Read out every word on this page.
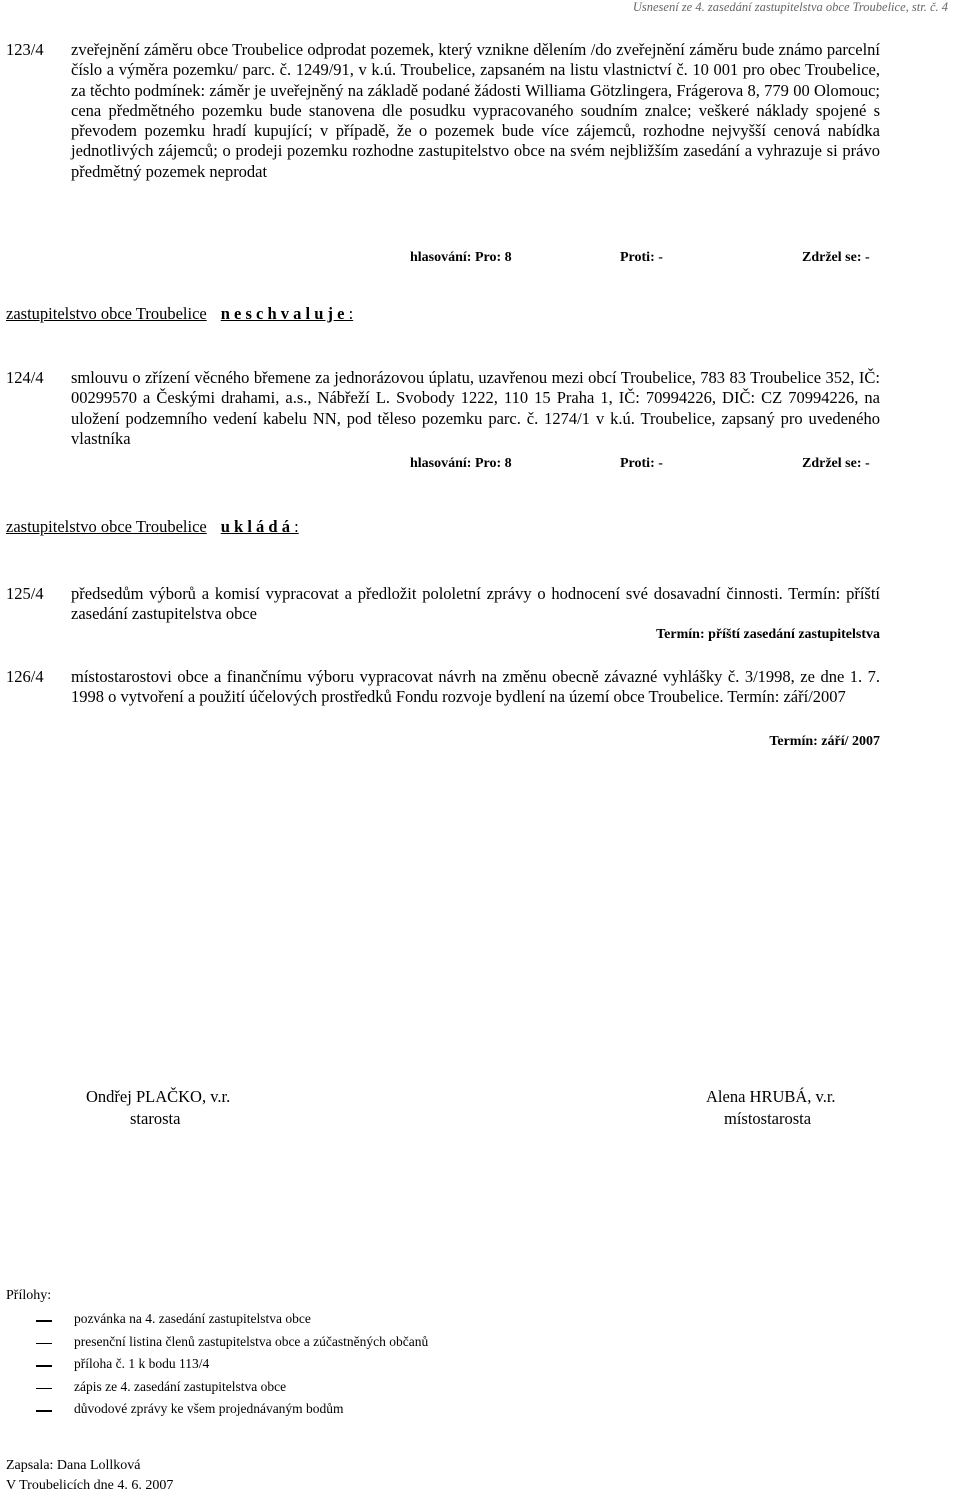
Usnesení ze 4. zasedání zastupitelstva obce Troubelice, str. č. 4
123/4 zveřejnění záměru obce Troubelice odprodat pozemek, který vznikne dělením /do zveřejnění záměru bude známo parcelní číslo a výměra pozemku/ parc. č. 1249/91, v k.ú. Troubelice, zapsaném na listu vlastnictví č. 10 001 pro obec Troubelice, za těchto podmínek: záměr je uveřejněný na základě podané žádosti Williama Götzlingera, Frágerova 8, 779 00 Olomouc; cena předmětného pozemku bude stanovena dle posudku vypracovaného soudním znalce; veškeré náklady spojené s převodem pozemku hradí kupující; v případě, že o pozemek bude více zájemců, rozhodne nejvyšší cenová nabídka jednotlivých zájemců; o prodeji pozemku rozhodne zastupitelstvo obce na svém nejbližším zasedání a vyhrazuje si právo předmětný pozemek neprodat
hlasování: Pro: 8	Proti: -	Zdržel se: -
zastupitelstvo obce Troubelice n e s c h v a l u j e :
124/4 smlouvu o zřízení věcného břemene za jednorázovou úplatu, uzavřenou mezi obcí Troubelice, 783 83 Troubelice 352, IČ: 00299570 a Českými drahami, a.s., Nábřeží L. Svobody 1222, 110 15 Praha 1, IČ: 70994226, DIČ: CZ 70994226, na uložení podzemního vedení kabelu NN, pod těleso pozemku parc. č. 1274/1 v k.ú. Troubelice, zapsaný pro uvedeného vlastníka
hlasování: Pro: 8	Proti: -	Zdržel se: -
zastupitelstvo obce Troubelice u k l á d á :
125/4 předsedům výborů a komisí vypracovat a předložit pololetní zprávy o hodnocení své dosavadní činnosti. Termín: příští zasedání zastupitelstva obce
Termín: příští zasedání zastupitelstva
126/4 místostarostovi obce a finančnímu výboru vypracovat návrh na změnu obecně závazné vyhlášky č. 3/1998, ze dne 1. 7. 1998 o vytvoření a použití účelových prostředků Fondu rozvoje bydlení na území obce Troubelice. Termín: září/2007
Termín: září/ 2007
Ondřej PLAČKO, v.r.
starosta
Alena HRUBÁ, v.r.
místostarosta
Přílohy:
pozvánka na 4. zasedání zastupitelstva obce
presenční listina členů zastupitelstva obce a zúčastněných občanů
příloha č. 1 k bodu 113/4
zápis ze 4. zasedání zastupitelstva obce
důvodové zprávy ke všem projednávaným bodům
Zapsala: Dana Lollková
V Troubelicích dne 4. 6. 2007
